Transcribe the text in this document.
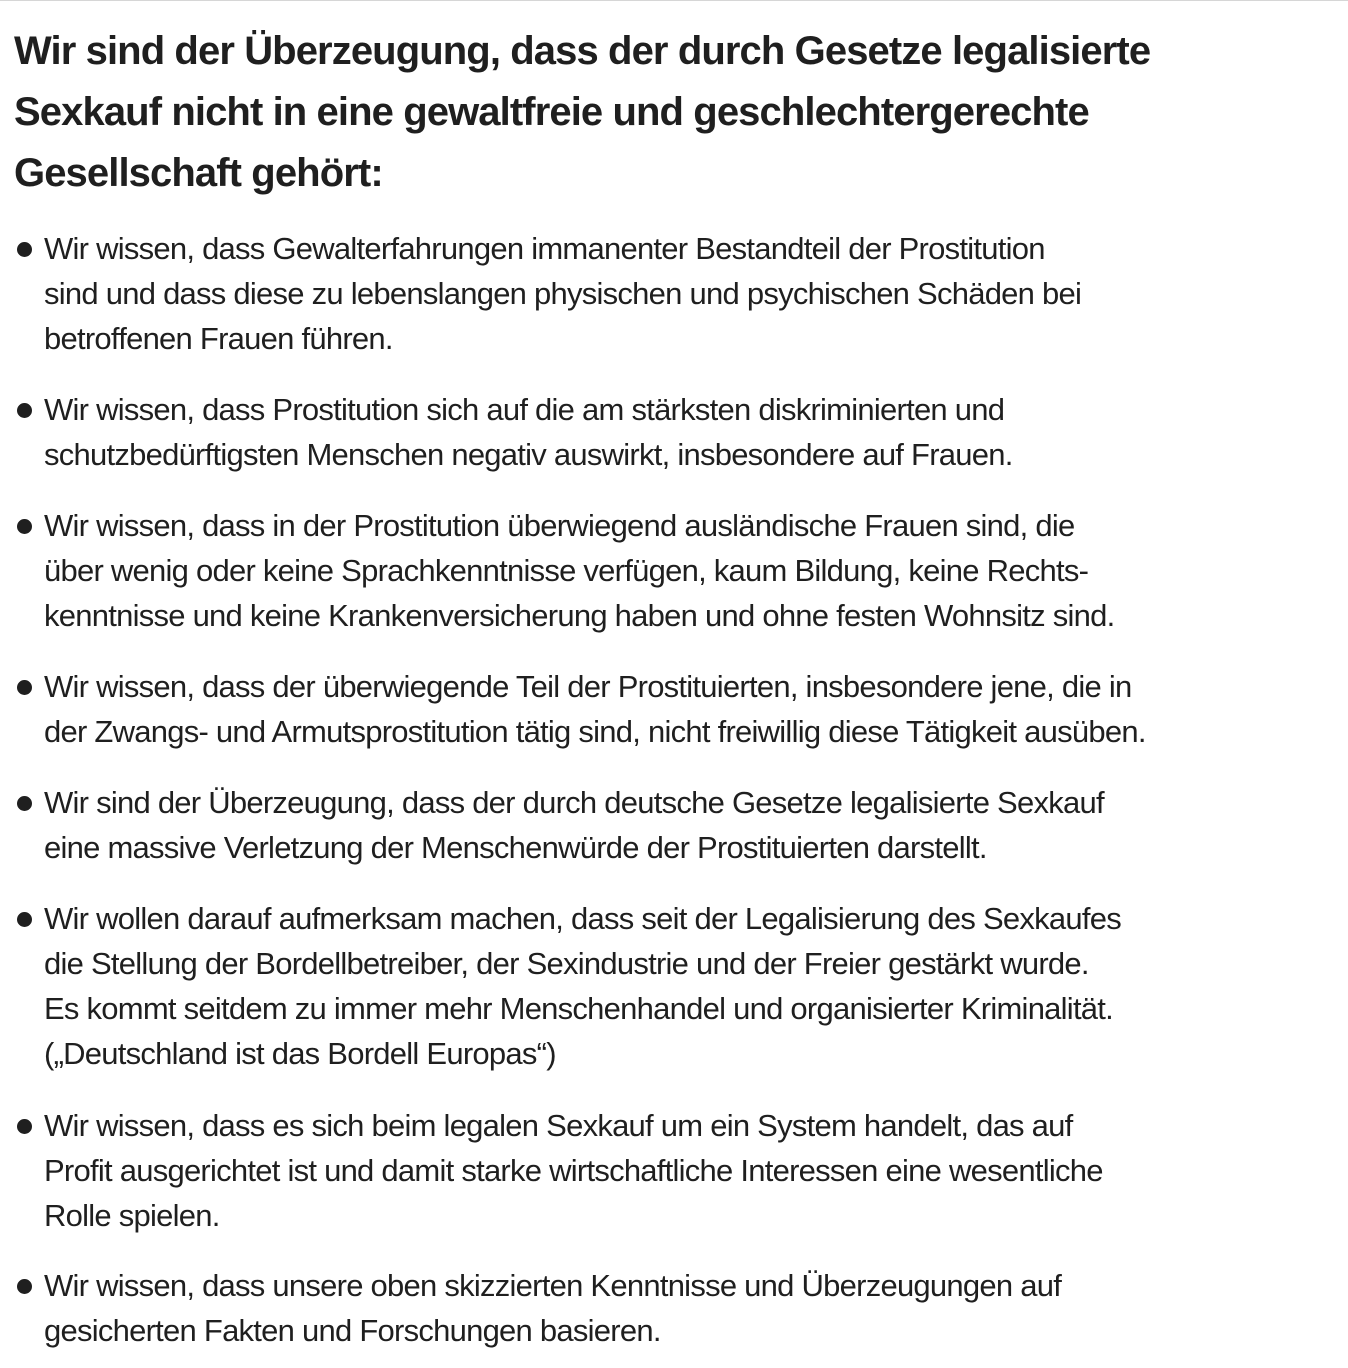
Wir sind der Überzeugung, dass der durch Gesetze legalisierte
Sexkauf nicht in eine gewaltfreie und geschlechtergerechte
Gesellschaft gehört:
Wir wissen, dass Gewalterfahrungen immanenter Bestandteil der Prostitution
sind und dass diese zu lebenslangen physischen und psychischen Schäden bei
betroffenen Frauen führen.
Wir wissen, dass Prostitution sich auf die am stärksten diskriminierten und
schutzbedürftigsten Menschen negativ auswirkt, insbesondere auf Frauen.
Wir wissen, dass in der Prostitution überwiegend ausländische Frauen sind, die
über wenig oder keine Sprachkenntnisse verfügen, kaum Bildung, keine Rechts-
kenntnisse und keine Krankenversicherung haben und ohne festen Wohnsitz sind.
Wir wissen, dass der überwiegende Teil der Prostituierten, insbesondere jene, die in
der Zwangs- und Armutsprostitution tätig sind, nicht freiwillig diese Tätigkeit ausüben.
Wir sind der Überzeugung, dass der durch deutsche Gesetze legalisierte Sexkauf
eine massive Verletzung der Menschenwürde der Prostituierten darstellt.
Wir wollen darauf aufmerksam machen, dass seit der Legalisierung des Sexkaufes
die Stellung der Bordellbetreiber, der Sexindustrie und der Freier gestärkt wurde.
Es kommt seitdem zu immer mehr Menschenhandel und organisierter Kriminalität.
(„Deutschland ist das Bordell Europas“)
Wir wissen, dass es sich beim legalen Sexkauf um ein System handelt, das auf
Profit ausgerichtet ist und damit starke wirtschaftliche Interessen eine wesentliche
Rolle spielen.
Wir wissen, dass unsere oben skizzierten Kenntnisse und Überzeugungen auf
gesicherten Fakten und Forschungen basieren.
